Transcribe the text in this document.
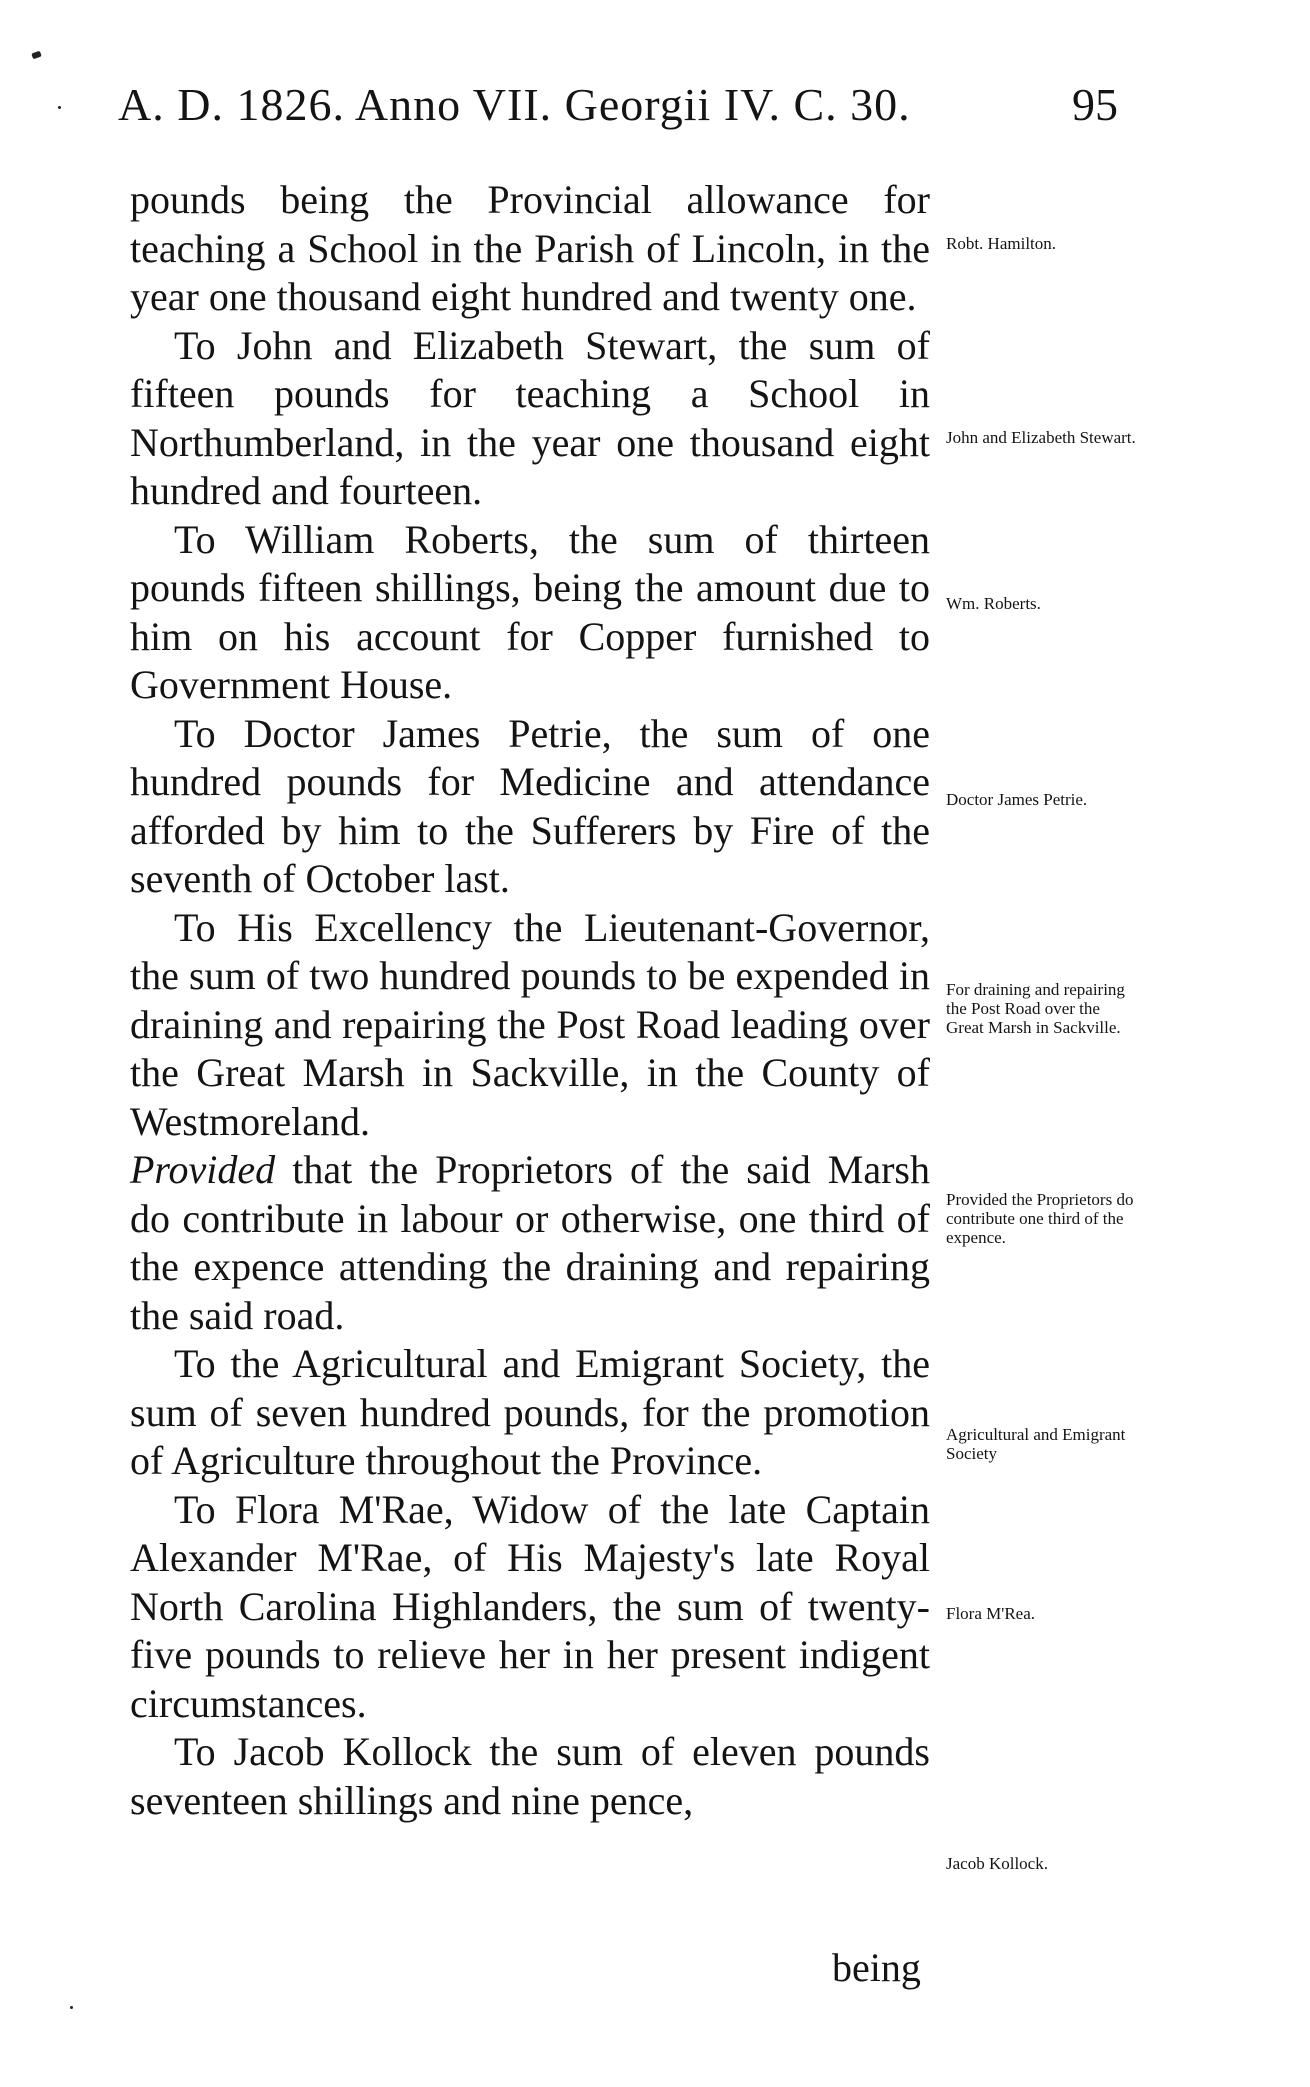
A. D. 1826. Anno VII. Georgii IV. C. 30.	95

pounds being the Provincial allowance for teaching a School in the Parish of Lincoln, in the year one thousand eight hundred and twenty one.

To John and Elizabeth Stewart, the sum of fifteen pounds for teaching a School in Northumberland, in the year one thousand eight hundred and fourteen.

To William Roberts, the sum of thirteen pounds fifteen shillings, being the amount due to him on his account for Copper furnished to Government House.

To Doctor James Petrie, the sum of one hundred pounds for Medicine and attendance afforded by him to the Sufferers by Fire of the seventh of October last.

To His Excellency the Lieutenant-Governor, the sum of two hundred pounds to be expended in draining and repairing the Post Road leading over the Great Marsh in Sackville, in the County of Westmoreland.

Provided that the Proprietors of the said Marsh do contribute in labour or otherwise, one third of the expence attending the draining and repairing the said road.

To the Agricultural and Emigrant Society, the sum of seven hundred pounds, for the promotion of Agriculture throughout the Province.

To Flora M'Rae, Widow of the late Captain Alexander M'Rae, of His Majesty's late Royal North Carolina Highlanders, the sum of twenty-five pounds to relieve her in her present indigent circumstances.

To Jacob Kollock the sum of eleven pounds seventeen shillings and nine pence,

being
Robt. Hamilton.
John and Elizabeth Stewart.
Wm. Roberts.
Doctor James Petrie.
For draining and repairing the Post Road over the Great Marsh in Sackville.
Provided the Proprietors do contribute one third of the expence.
Agricultural and Emigrant Society
Flora M'Rea.
Jacob Kollock.
